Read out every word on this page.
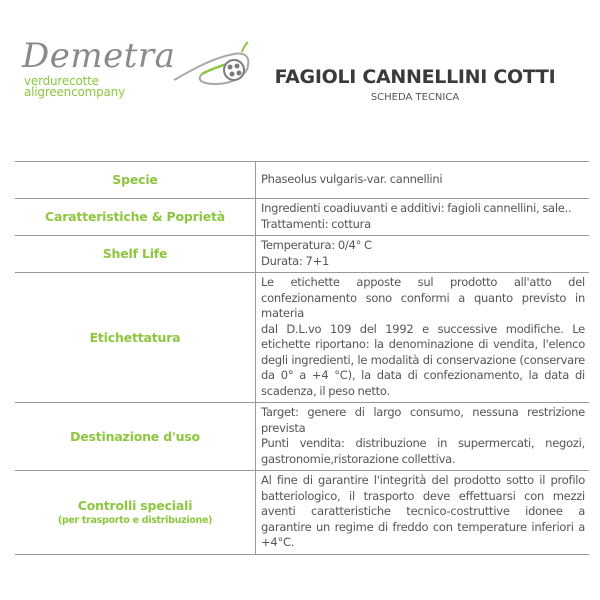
Demetra
verdurecotte
aligreencompany
FAGIOLI CANNELLINI COTTI
SCHEDA TECNICA
Specie	Phaseolus vulgaris-var. cannellini

Caratteristiche & Poprietà	Ingredienti coadiuvanti e additivi: fagioli cannellini, sale..
Trattamenti: cottura

Shelf Life	Temperatura: 0/4° C
Durata: 7+1

Etichettatura	Le etichette apposte sul prodotto all'atto del confezionamento sono conformi a quanto previsto in materia
dal D.L.vo 109 del 1992 e successive modifiche. Le etichette riportano: la denominazione di vendita, l'elenco degli ingredienti, le modalità di conservazione (conservare da 0° a +4 °C), la data di confezionamento, la data di scadenza, il peso netto.

Destinazione d'uso	Target: genere di largo consumo, nessuna restrizione prevista
Punti vendita: distribuzione in supermercati, negozi, gastronomie,ristorazione collettiva.

Controlli speciali
(per trasporto e distribuzione)	Al fine di garantire l'integrità del prodotto sotto il profilo batteriologico, il trasporto deve effettuarsi con mezzi aventi caratteristiche tecnico-costruttive idonee a garantire un regime di freddo con temperature inferiori a +4°C.
